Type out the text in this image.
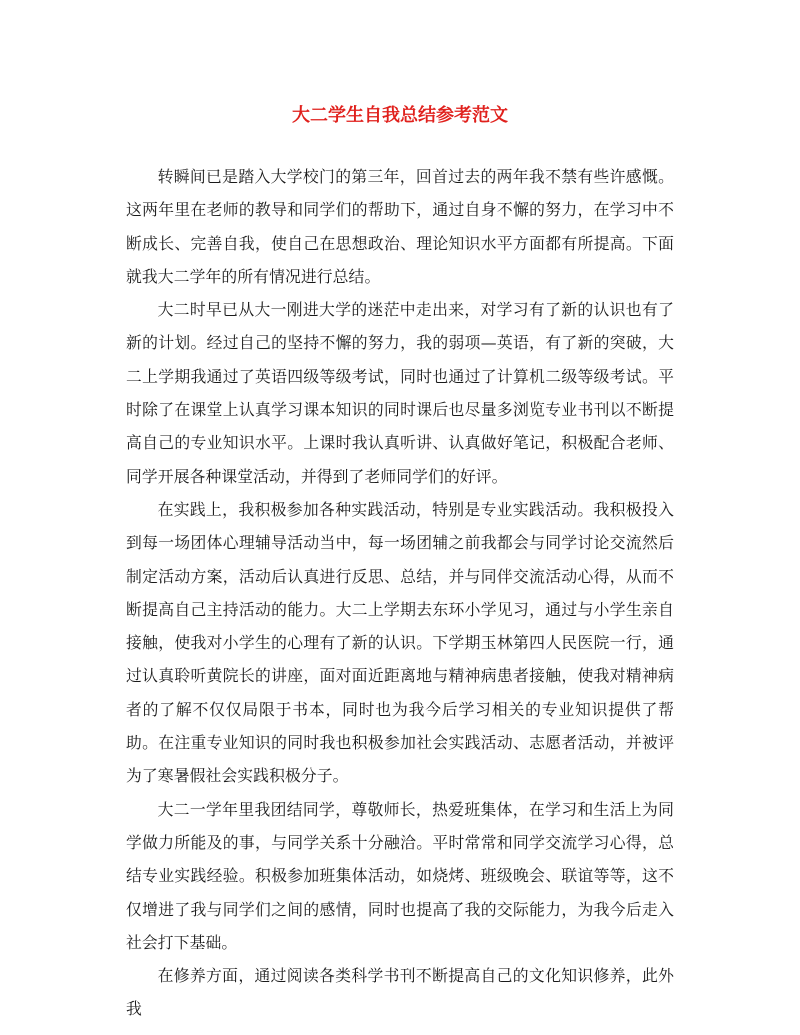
大二学生自我总结参考范文

转瞬间已是踏入大学校门的第三年，回首过去的两年我不禁有些许感慨。这两年里在老师的教导和同学们的帮助下，通过自身不懈的努力，在学习中不断成长、完善自我，使自己在思想政治、理论知识水平方面都有所提高。下面就我大二学年的所有情况进行总结。

大二时早已从大一刚进大学的迷茫中走出来，对学习有了新的认识也有了新的计划。经过自己的坚持不懈的努力，我的弱项—英语，有了新的突破，大二上学期我通过了英语四级等级考试，同时也通过了计算机二级等级考试。平时除了在课堂上认真学习课本知识的同时课后也尽量多浏览专业书刊以不断提高自己的专业知识水平。上课时我认真听讲、认真做好笔记，积极配合老师、同学开展各种课堂活动，并得到了老师同学们的好评。

在实践上，我积极参加各种实践活动，特别是专业实践活动。我积极投入到每一场团体心理辅导活动当中，每一场团辅之前我都会与同学讨论交流然后制定活动方案，活动后认真进行反思、总结，并与同伴交流活动心得，从而不断提高自己主持活动的能力。大二上学期去东环小学见习，通过与小学生亲自接触，使我对小学生的心理有了新的认识。下学期玉林第四人民医院一行，通过认真聆听黄院长的讲座，面对面近距离地与精神病患者接触，使我对精神病者的了解不仅仅局限于书本，同时也为我今后学习相关的专业知识提供了帮助。在注重专业知识的同时我也积极参加社会实践活动、志愿者活动，并被评为了寒暑假社会实践积极分子。

大二一学年里我团结同学，尊敬师长，热爱班集体，在学习和生活上为同学做力所能及的事，与同学关系十分融洽。平时常常和同学交流学习心得，总结专业实践经验。积极参加班集体活动，如烧烤、班级晚会、联谊等等，这不仅增进了我与同学们之间的感情，同时也提高了我的交际能力，为我今后走入社会打下基础。

在修养方面，通过阅读各类科学书刊不断提高自己的文化知识修养，此外我
